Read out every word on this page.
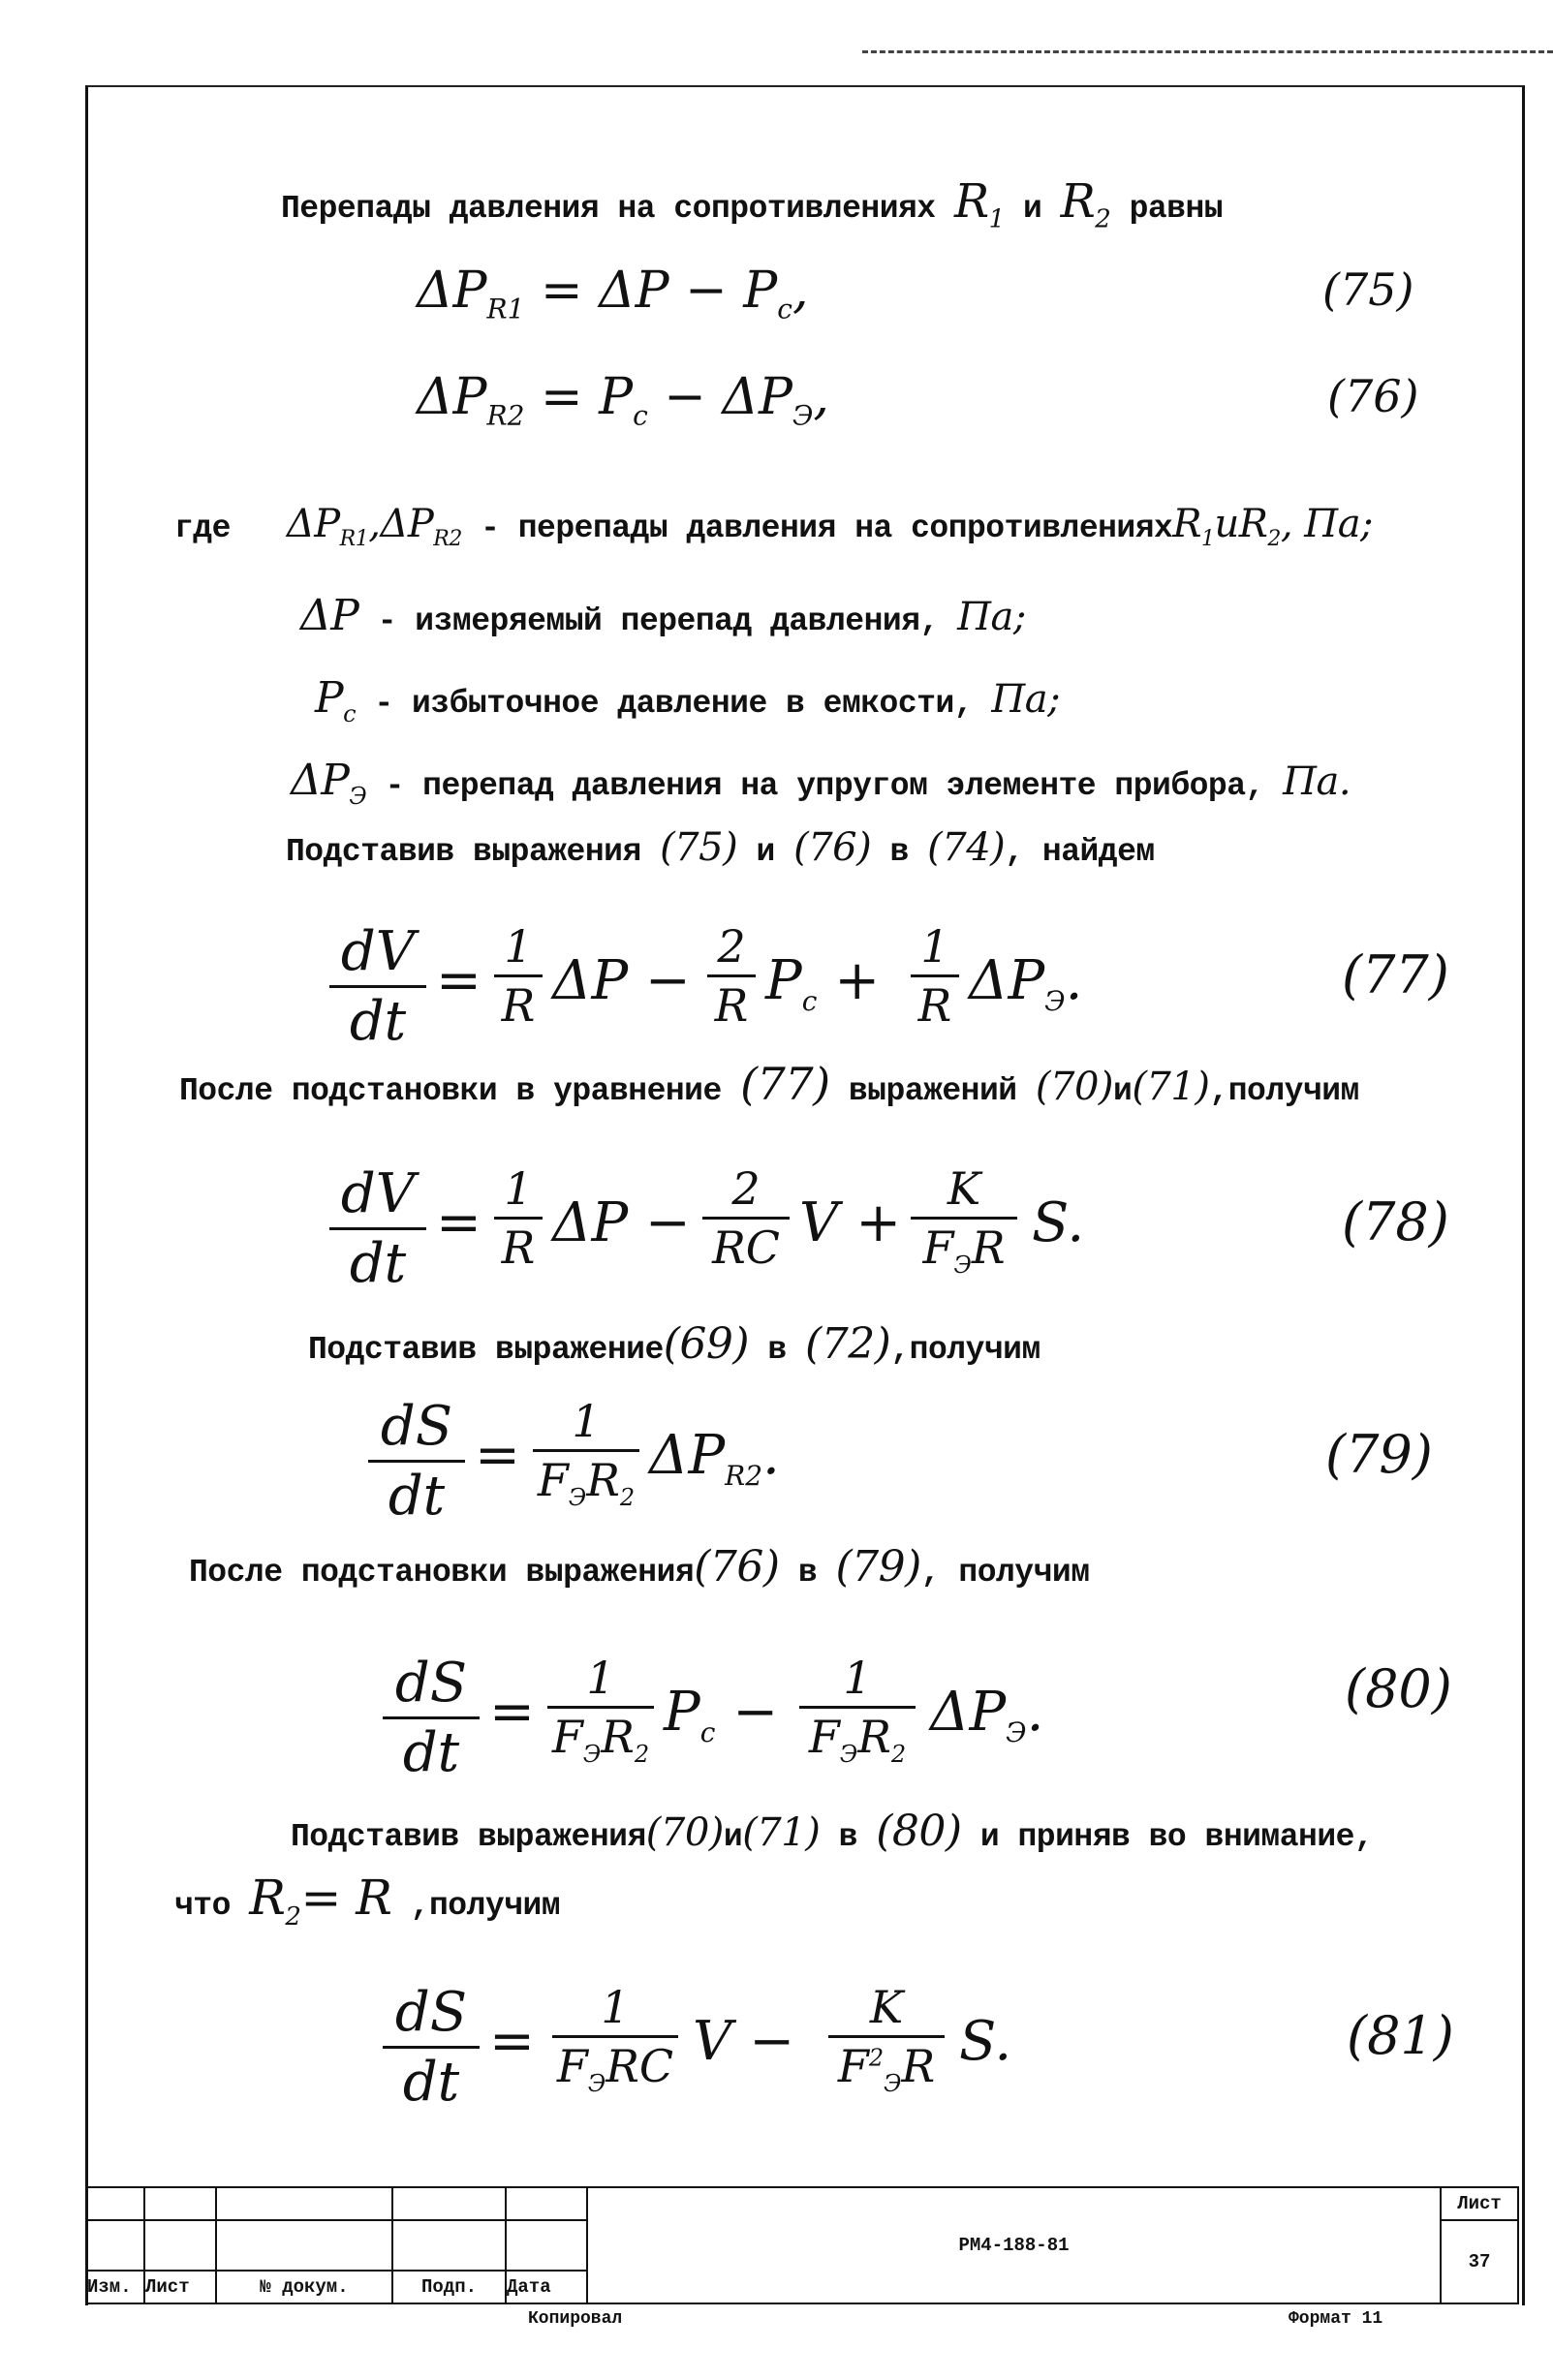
Перепады давления на сопротивлениях $R_1$ и $R_2$ равны
$\Delta P_{R1} = \Delta P - P_c$,	(75)
$\Delta P_{R2} = P_c - \Delta P_Э$,	(76)
где $\Delta P_{R1},\Delta P_{R2}$ - перепады давления на $сопротивленияхR_1иR_2$, Па;
ΔP - измеряемый перепад давления, Па;
$P_c$ - избыточное давление в емкости, Па;
$\Delta P_Э$ - перепад давления на упругом элементе прибора, Па.
Подставив выражения (75) и (76) в (74), найдем
dV
dt
=
1
R ΔP −
2
R $P_c$ +
1
R $\Delta P_Э$.	(77)
После подстановки в уравнение (77) выражений (70)и(71),получим
dV
dt
=
1
R ΔP −
2
RC V +
K
$F_ЭR$ S.	(78)
Подставив выражение(69) в (72),получим
dS
dt
=
1
$F_ЭR_2$
$\Delta P_{R2}$.	(79)
После подстановки выражения(76) в (79), получим
dS
dt
=
1
$F_ЭR_2$
$P_c$ −
1
$F_ЭR_2$
$\Delta P_Э$.	(80)
Подставив выражения(70)и(71) в (80) и приняв во внимание,
что $R_2= R$ ,получим
dS
dt
=
1
$F_ЭRC$ V −
K
$F^2_ЭR$ S.	(81)
					РМ4-188-81	Лист
						37
Изм.	Лист	№ докум.	Подп.	Дата		
Копировал	Формат 11
